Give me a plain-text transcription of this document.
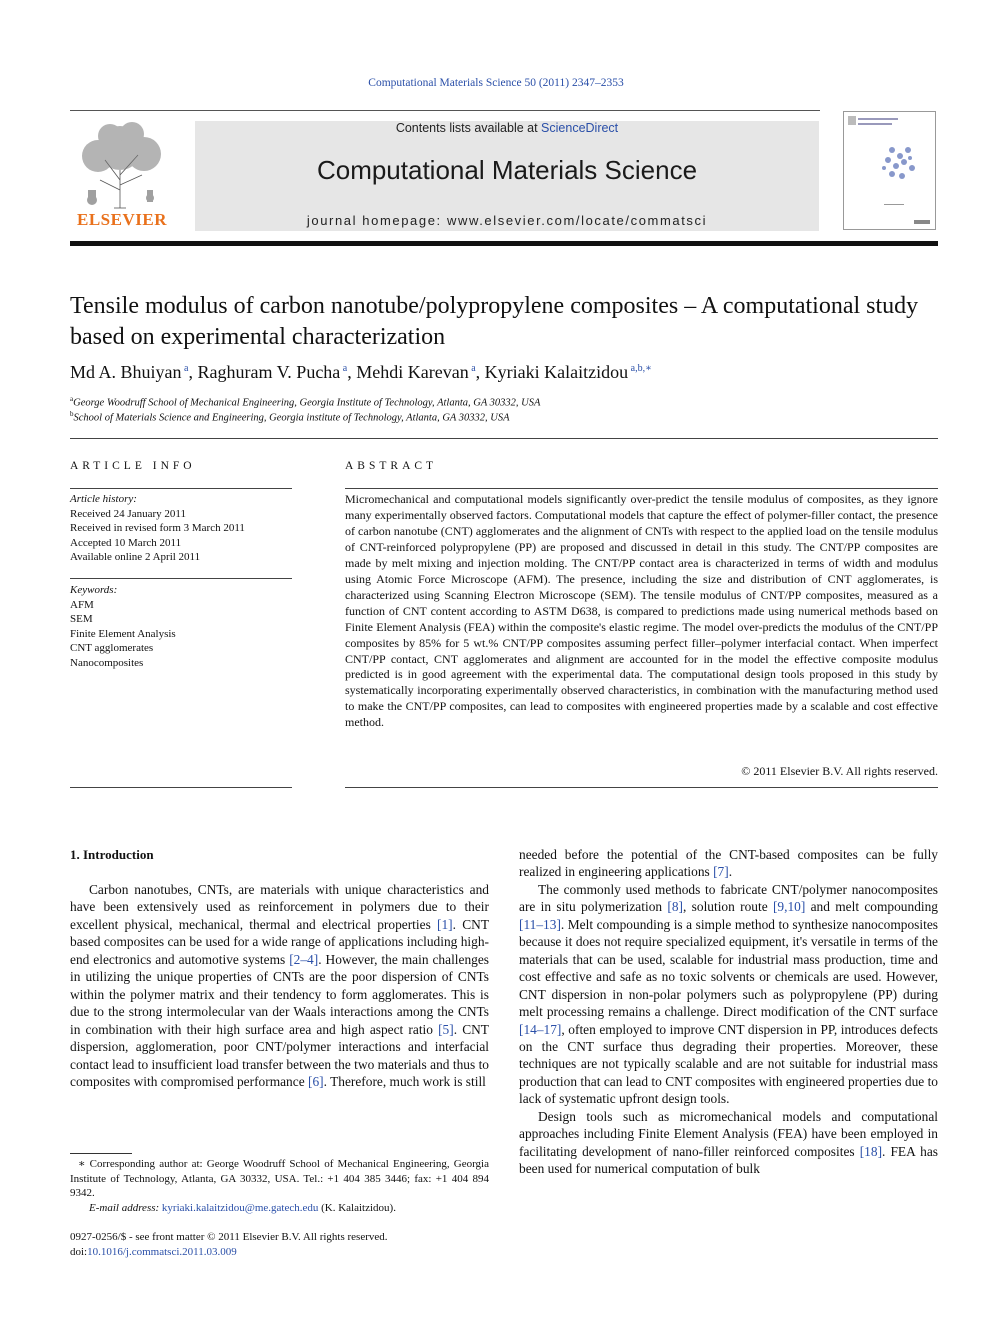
Computational Materials Science 50 (2011) 2347–2353
ELSEVIER
Contents lists available at ScienceDirect
Computational Materials Science
journal homepage: www.elsevier.com/locate/commatsci
Tensile modulus of carbon nanotube/polypropylene composites – A computational study based on experimental characterization
Md A. Bhuiyan $^a$, Raghuram V. Pucha $^a$, Mehdi Karevan $^a$, Kyriaki Kalaitzidou $^{a,b,∗}$
$^a$George Woodruff School of Mechanical Engineering, Georgia Institute of Technology, Atlanta, GA 30332, USA
$^b$School of Materials Science and Engineering, Georgia institute of Technology, Atlanta, GA 30332, USA
ARTICLE INFO	ABSTRACT
Article history:
Received 24 January 2011
Received in revised form 3 March 2011
Accepted 10 March 2011
Available online 2 April 2011
Keywords:
AFM
SEM
Finite Element Analysis
CNT agglomerates
Nanocomposites
Micromechanical and computational models significantly over-predict the tensile modulus of composites, as they ignore many experimentally observed factors. Computational models that capture the effect of polymer-filler contact, the presence of carbon nanotube (CNT) agglomerates and the alignment of CNTs with respect to the applied load on the tensile modulus of CNT-reinforced polypropylene (PP) are proposed and discussed in detail in this study. The CNT/PP composites are made by melt mixing and injection molding. The CNT/PP contact area is characterized in terms of width and modulus using Atomic Force Microscope (AFM). The presence, including the size and distribution of CNT agglomerates, is characterized using Scanning Electron Microscope (SEM). The tensile modulus of CNT/PP composites, measured as a function of CNT content according to ASTM D638, is compared to predictions made using numerical methods based on Finite Element Analysis (FEA) within the composite's elastic regime. The model over-predicts the modulus of the CNT/PP composites by 85% for 5 wt.% CNT/PP composites assuming perfect filler–polymer interfacial contact. When imperfect CNT/PP contact, CNT agglomerates and alignment are accounted for in the model the effective composite modulus predicted is in good agreement with the experimental data. The computational design tools proposed in this study by systematically incorporating experimentally observed characteristics, in combination with the manufacturing method used to make the CNT/PP composites, can lead to composites with engineered properties made by a scalable and cost effective method.
© 2011 Elsevier B.V. All rights reserved.
1. Introduction

Carbon nanotubes, CNTs, are materials with unique characteristics and have been extensively used as reinforcement in polymers due to their excellent physical, mechanical, thermal and electrical properties [1]. CNT based composites can be used for a wide range of applications including high-end electronics and automotive systems [2–4]. However, the main challenges in utilizing the unique properties of CNTs are the poor dispersion of CNTs within the polymer matrix and their tendency to form agglomerates. This is due to the strong intermolecular van der Waals interactions among the CNTs in combination with their high surface area and high aspect ratio [5]. CNT dispersion, agglomeration, poor CNT/polymer interactions and interfacial contact lead to insufficient load transfer between the two materials and thus to composites with compromised performance [6]. Therefore, much work is still

needed before the potential of the CNT-based composites can be fully realized in engineering applications [7].

The commonly used methods to fabricate CNT/polymer nanocomposites are in situ polymerization [8], solution route [9,10] and melt compounding [11–13]. Melt compounding is a simple method to synthesize nanocomposites because it does not require specialized equipment, it's versatile in terms of the materials that can be used, scalable for industrial mass production, time and cost effective and safe as no toxic solvents or chemicals are used. However, CNT dispersion in non-polar polymers such as polypropylene (PP) during melt processing remains a challenge. Direct modification of the CNT surface [14–17], often employed to improve CNT dispersion in PP, introduces defects on the CNT surface thus degrading their properties. Moreover, these techniques are not typically scalable and are not suitable for industrial mass production that can lead to CNT composites with engineered properties due to lack of systematic upfront design tools.

Design tools such as micromechanical models and computational approaches including Finite Element Analysis (FEA) have been employed in facilitating development of nano-filler reinforced composites [18]. FEA has been used for numerical computation of bulk

∗ Corresponding author at: George Woodruff School of Mechanical Engineering, Georgia Institute of Technology, Atlanta, GA 30332, USA. Tel.: +1 404 385 3446; fax: +1 404 894 9342.

E-mail address: kyriaki.kalaitzidou@me.gatech.edu (K. Kalaitzidou).

0927-0256/$ - see front matter © 2011 Elsevier B.V. All rights reserved.
doi:10.1016/j.commatsci.2011.03.009
